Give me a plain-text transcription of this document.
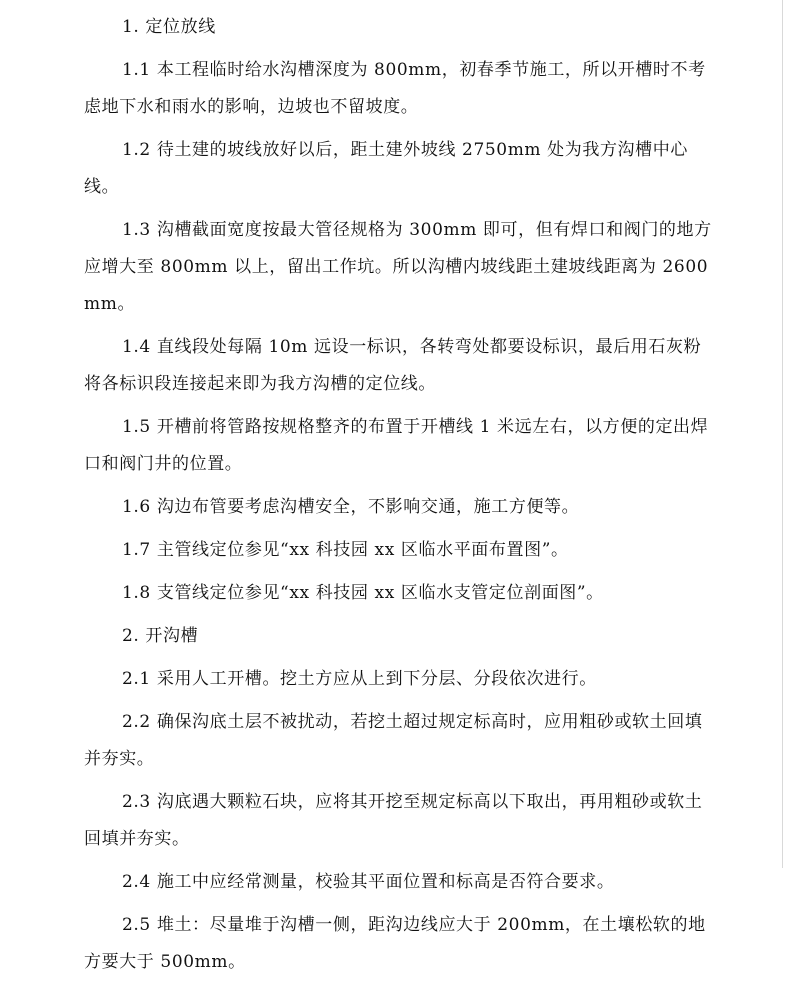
1. 定位放线

1.1 本工程临时给水沟槽深度为 800mm，初春季节施工，所以开槽时不考虑地下水和雨水的影响，边坡也不留坡度。

1.2 待土建的坡线放好以后，距土建外坡线 2750mm 处为我方沟槽中心线。

1.3 沟槽截面宽度按最大管径规格为 300mm 即可，但有焊口和阀门的地方应增大至 800mm 以上，留出工作坑。所以沟槽内坡线距土建坡线距离为 2600mm。

1.4 直线段处每隔 10m 远设一标识，各转弯处都要设标识，最后用石灰粉将各标识段连接起来即为我方沟槽的定位线。

1.5 开槽前将管路按规格整齐的布置于开槽线 1 米远左右，以方便的定出焊口和阀门井的位置。

1.6 沟边布管要考虑沟槽安全，不影响交通，施工方便等。

1.7 主管线定位参见“xx 科技园 xx 区临水平面布置图”。

1.8 支管线定位参见“xx 科技园 xx 区临水支管定位剖面图”。

2. 开沟槽

2.1 采用人工开槽。挖土方应从上到下分层、分段依次进行。

2.2 确保沟底土层不被扰动，若挖土超过规定标高时，应用粗砂或软土回填并夯实。

2.3 沟底遇大颗粒石块，应将其开挖至规定标高以下取出，再用粗砂或软土回填并夯实。

2.4 施工中应经常测量，校验其平面位置和标高是否符合要求。

2.5 堆土：尽量堆于沟槽一侧，距沟边线应大于 200mm，在土壤松软的地方要大于 500mm。
